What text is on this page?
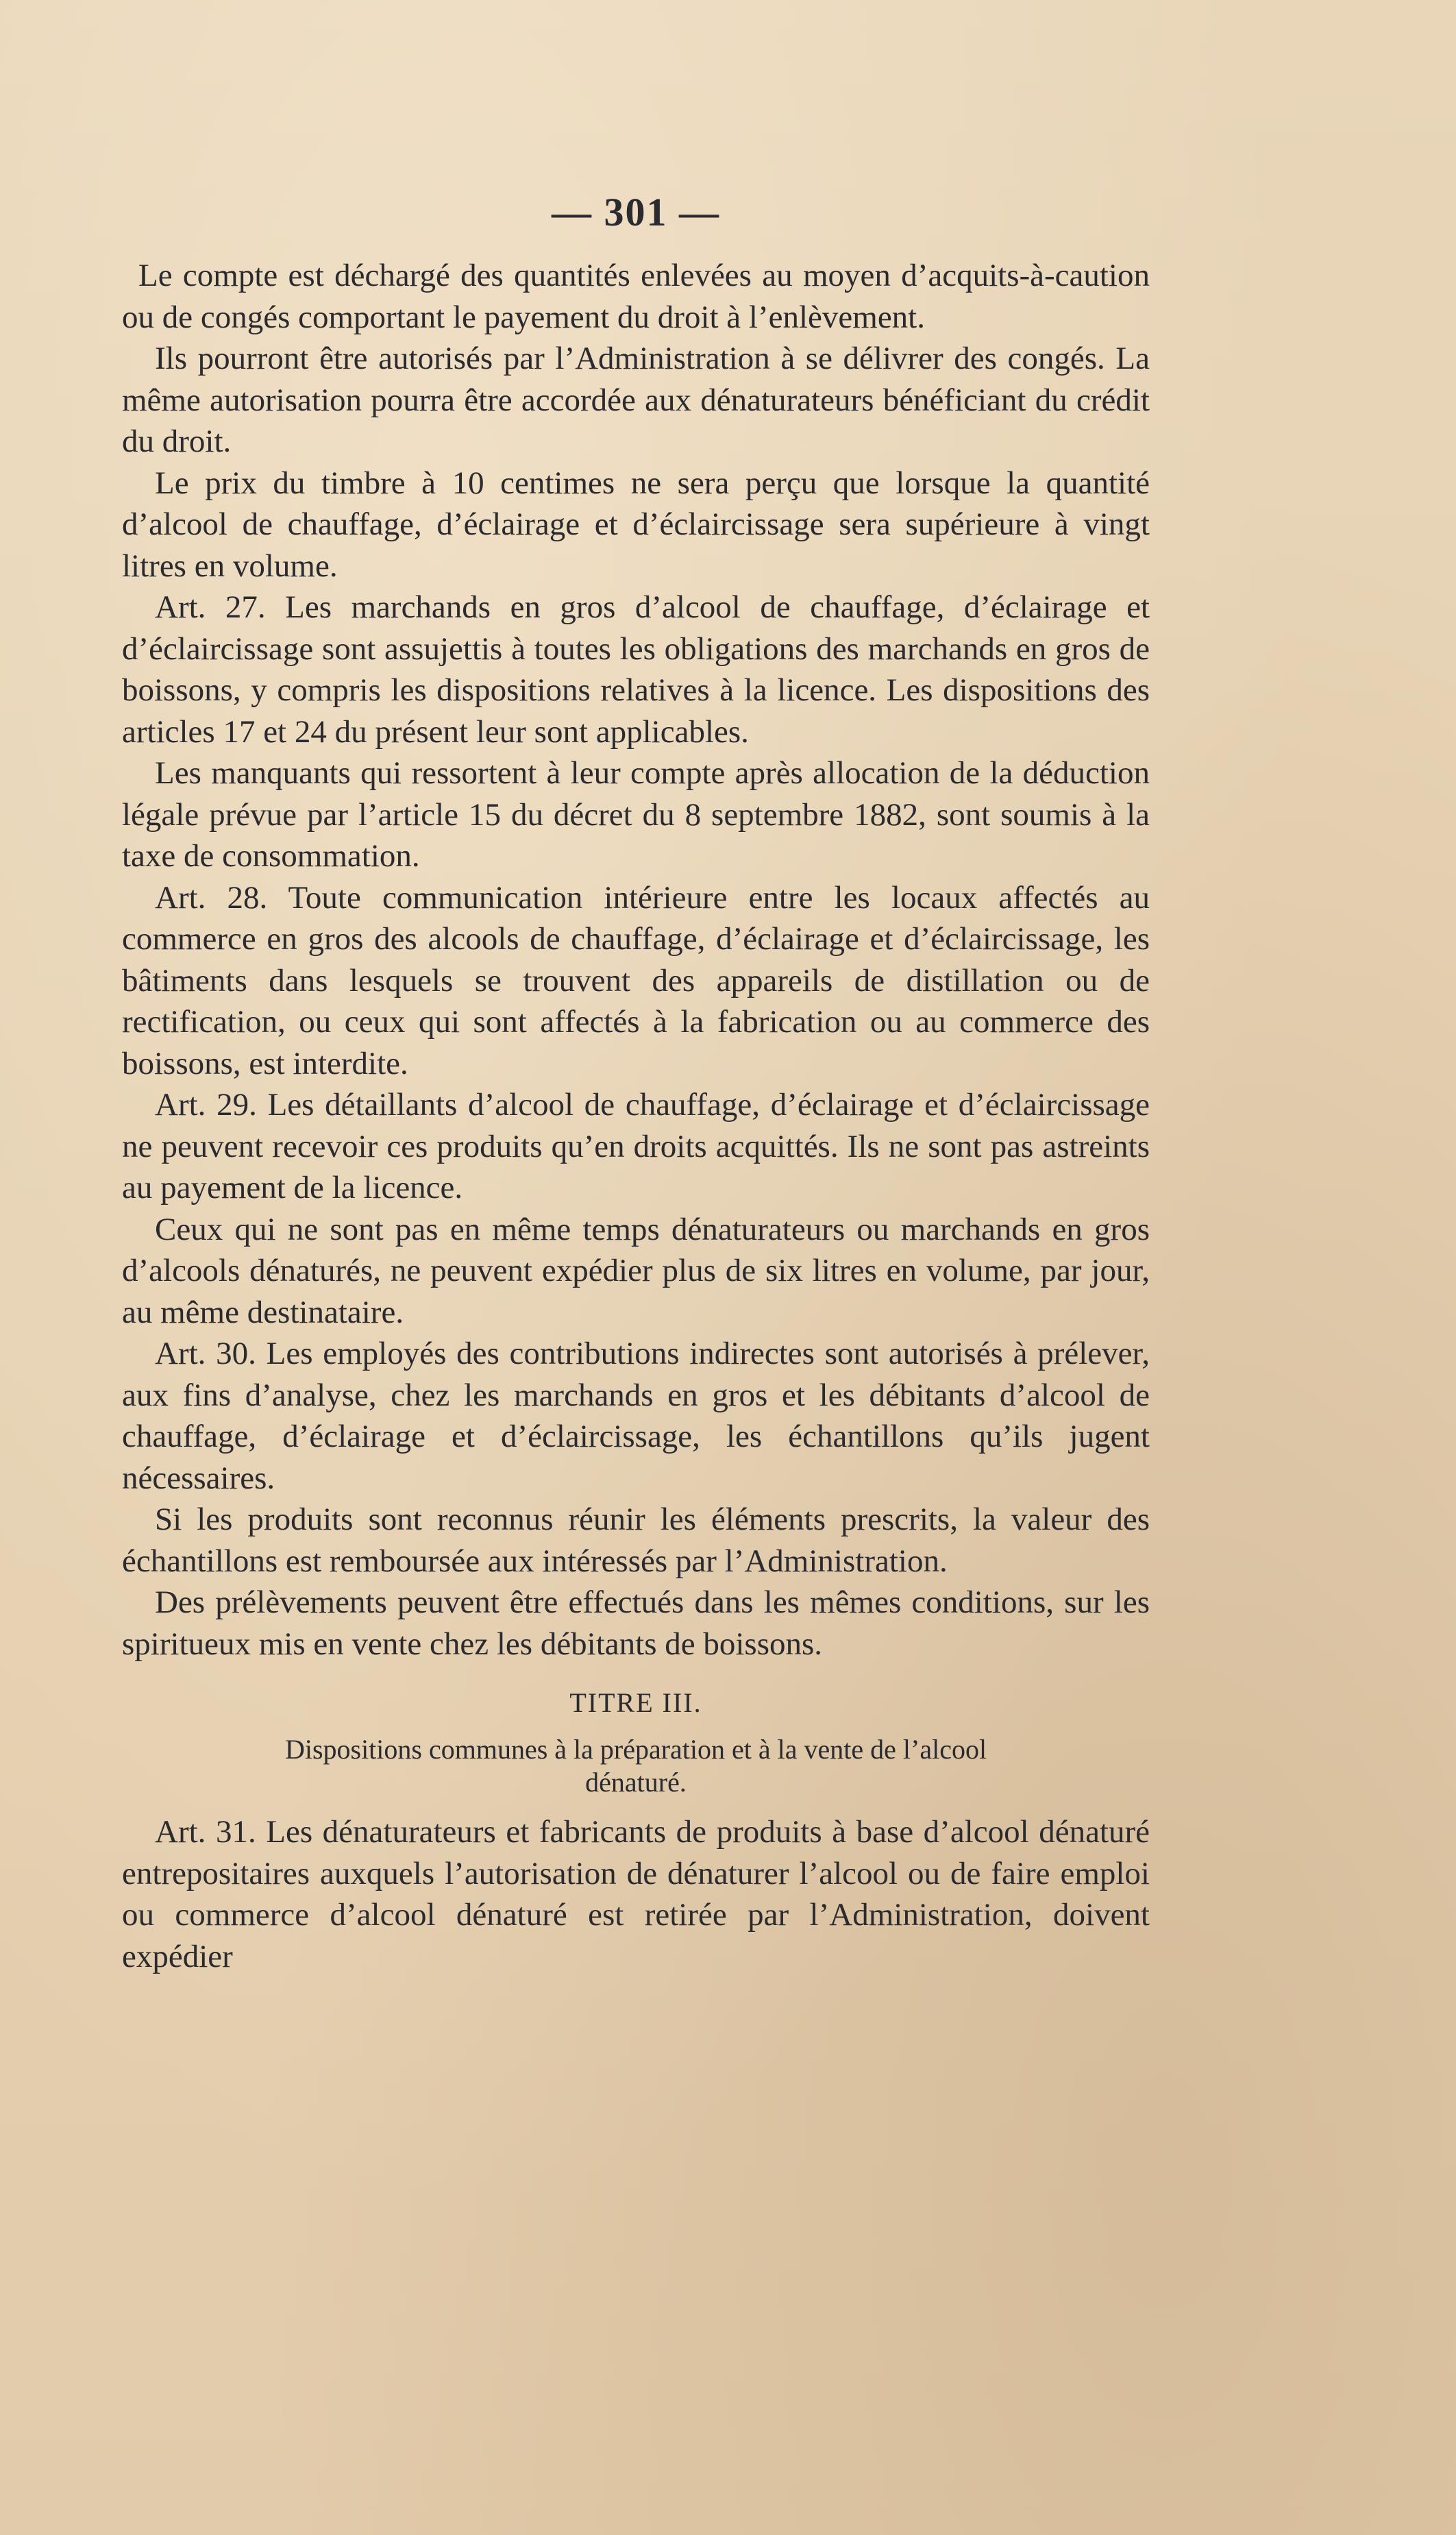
— 301 —

Le compte est déchargé des quantités enlevées au moyen d’acquits-à-caution ou de congés comportant le payement du droit à l’enlèvement.

Ils pourront être autorisés par l’Administration à se délivrer des congés. La même autorisation pourra être accordée aux dénaturateurs bénéficiant du crédit du droit.

Le prix du timbre à 10 centimes ne sera perçu que lorsque la quantité d’alcool de chauffage, d’éclairage et d’éclaircissage sera supérieure à vingt litres en volume.

Art. 27. Les marchands en gros d’alcool de chauffage, d’éclairage et d’éclaircissage sont assujettis à toutes les obligations des marchands en gros de boissons, y compris les dispositions relatives à la licence. Les dispositions des articles 17 et 24 du présent leur sont applicables.

Les manquants qui ressortent à leur compte après allocation de la déduction légale prévue par l’article 15 du décret du 8 septembre 1882, sont soumis à la taxe de consommation.

Art. 28. Toute communication intérieure entre les locaux affectés au commerce en gros des alcools de chauffage, d’éclairage et d’éclaircissage, les bâtiments dans lesquels se trouvent des appareils de distillation ou de rectification, ou ceux qui sont affectés à la fabrication ou au commerce des boissons, est interdite.

Art. 29. Les détaillants d’alcool de chauffage, d’éclairage et d’éclaircissage ne peuvent recevoir ces produits qu’en droits acquittés. Ils ne sont pas astreints au payement de la licence.

Ceux qui ne sont pas en même temps dénaturateurs ou marchands en gros d’alcools dénaturés, ne peuvent expédier plus de six litres en volume, par jour, au même destinataire.

Art. 30. Les employés des contributions indirectes sont autorisés à prélever, aux fins d’analyse, chez les marchands en gros et les débitants d’alcool de chauffage, d’éclairage et d’éclaircissage, les échantillons qu’ils jugent nécessaires.

Si les produits sont reconnus réunir les éléments prescrits, la valeur des échantillons est remboursée aux intéressés par l’Administration.

Des prélèvements peuvent être effectués dans les mêmes conditions, sur les spiritueux mis en vente chez les débitants de boissons.

TITRE III.
Dispositions communes à la préparation et à la vente de l’alcool dénaturé.

Art. 31. Les dénaturateurs et fabricants de produits à base d’alcool dénaturé entrepositaires auxquels l’autorisation de dénaturer l’alcool ou de faire emploi ou commerce d’alcool dénaturé est retirée par l’Administration, doivent expédier
